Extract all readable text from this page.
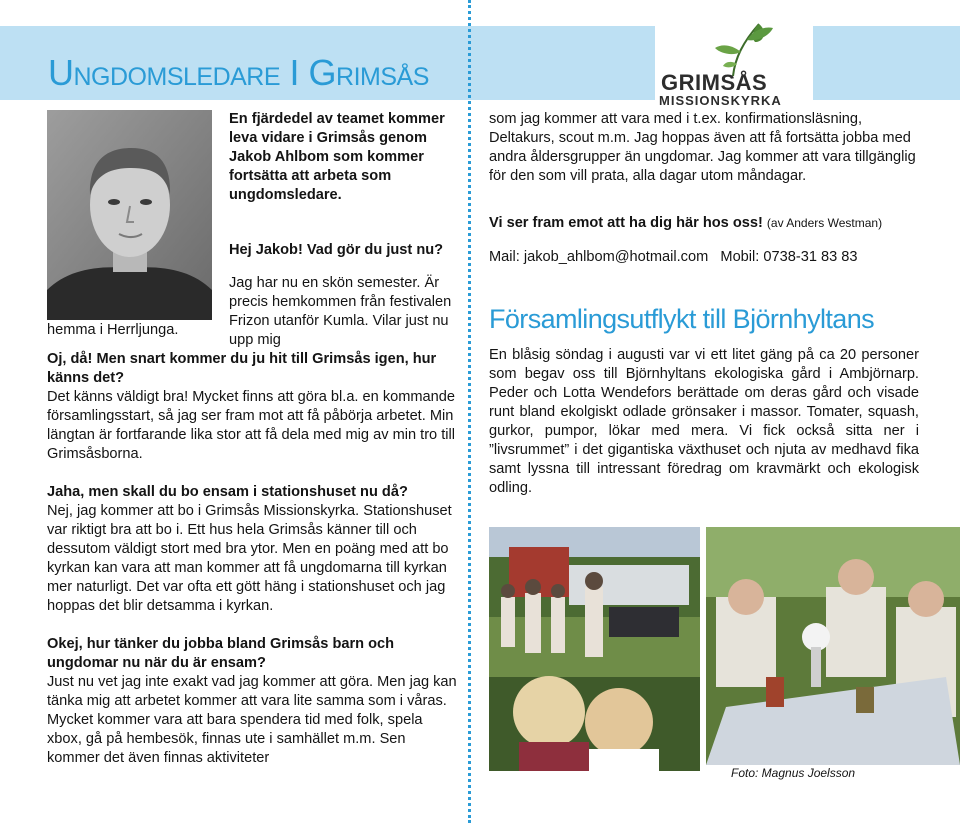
Ungdomsledare I Grimsås	GRIMSÅS
MISSIONSKYRKA

En fjärdedel av teamet kommer leva vidare i Grimsås genom Jakob Ahlbom som kommer fortsätta att arbeta som ungdomsledare.

Hej Jakob! Vad gör du just nu?

Jag har nu en skön semester. Är precis hemkommen från festivalen Frizon utanför Kumla. Vilar just nu upp mig

hemma i Herrljunga.

Oj, då! Men snart kommer du ju hit till Grimsås igen, hur känns det?

Det känns väldigt bra! Mycket finns att göra bl.a. en kommande församlingsstart, så jag ser fram mot att få påbörja arbetet. Min längtan är fortfarande lika stor att få dela med mig av min tro till Grimsåsborna.

Jaha, men skall du bo ensam i stationshuset nu då?

Nej, jag kommer att bo i Grimsås Missionskyrka. Stationshuset var riktigt bra att bo i. Ett hus hela Grimsås känner till och dessutom väldigt stort med bra ytor. Men en poäng med att bo kyrkan kan vara att man kommer att få ungdomarna till kyrkan mer naturligt. Det var ofta ett gött häng i stationshuset och jag hoppas det blir detsamma i kyrkan.

Okej, hur tänker du jobba bland Grimsås barn och ungdomar nu när du är ensam?

Just nu vet jag inte exakt vad jag kommer att göra. Men jag kan tänka mig att arbetet kommer att vara lite samma som i våras. Mycket kommer vara att bara spendera tid med folk, spela xbox, gå på hembesök, finnas ute i samhället m.m. Sen kommer det även finnas aktiviteter

som jag kommer att vara med i t.ex. konfirmationsläsning, Deltakurs, scout m.m. Jag hoppas även att få fortsätta jobba med andra åldersgrupper än ungdomar. Jag kommer att vara tillgänglig för den som vill prata, alla dagar utom måndagar.

Vi ser fram emot att ha dig här hos oss! (av Anders Westman)
Mail: jakob_ahlbom@hotmail.com Mobil: 0738-31 83 83
Församlingsutflykt till Björnhyltans

En blåsig söndag i augusti var vi ett litet gäng på ca 20 personer som begav oss till Björnhyltans ekologiska gård i Ambjörnarp. Peder och Lotta Wendefors berättade om deras gård och visade runt bland ekolgiskt odlade grönsaker i massor. Tomater, squash, gurkor, pumpor, lökar med mera. Vi fick också sitta ner i ”livsrummet” i det gigantiska växthuset och njuta av medhavd fika samt lyssna till intressant föredrag om kravmärkt och ekologisk odling.

Foto: Magnus Joelsson
